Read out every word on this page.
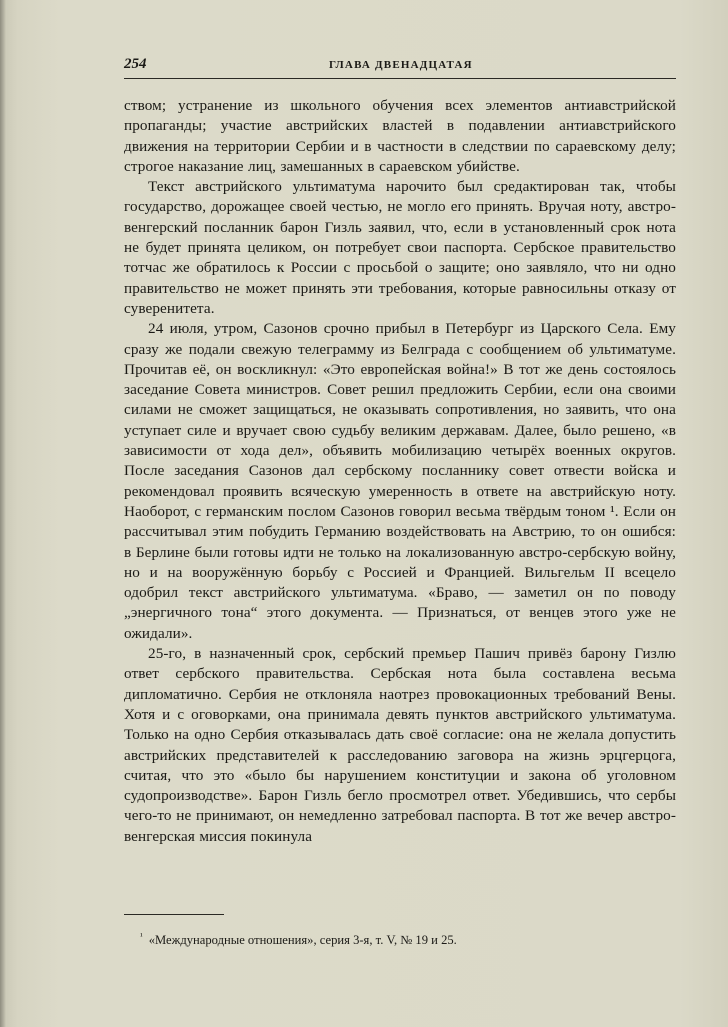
254	ГЛАВА ДВЕНАДЦАТАЯ

ством; устранение из школьного обучения всех элементов антиавстрийской пропаганды; участие австрийских властей в подавлении антиавстрийского движения на территории Сербии и в частности в следствии по сараевскому делу; строгое наказание лиц, замешанных в сараевском убийстве.

Текст австрийского ультиматума нарочито был средактирован так, чтобы государство, дорожащее своей честью, не могло его принять. Вручая ноту, австро-венгерский посланник барон Гизль заявил, что, если в установленный срок нота не будет принята целиком, он потребует свои паспорта. Сербское правительство тотчас же обратилось к России с просьбой о защите; оно заявляло, что ни одно правительство не может принять эти требования, которые равносильны отказу от суверенитета.

24 июля, утром, Сазонов срочно прибыл в Петербург из Царского Села. Ему сразу же подали свежую телеграмму из Белграда с сообщением об ультиматуме. Прочитав её, он воскликнул: «Это европейская война!» В тот же день состоялось заседание Совета министров. Совет решил предложить Сербии, если она своими силами не сможет защищаться, не оказывать сопротивления, но заявить, что она уступает силе и вручает свою судьбу великим державам. Далее, было решено, «в зависимости от хода дел», объявить мобилизацию четырёх военных округов. После заседания Сазонов дал сербскому посланнику совет отвести войска и рекомендовал проявить всяческую умеренность в ответе на австрийскую ноту. Наоборот, с германским послом Сазонов говорил весьма твёрдым тоном ¹. Если он рассчитывал этим побудить Германию воздействовать на Австрию, то он ошибся: в Берлине были готовы идти не только на локализованную австро-сербскую войну, но и на вооружённую борьбу с Россией и Францией. Вильгельм II всецело одобрил текст австрийского ультиматума. «Браво, — заметил он по поводу „энергичного тона“ этого документа. — Признаться, от венцев этого уже не ожидали».

25-го, в назначенный срок, сербский премьер Пашич привёз барону Гизлю ответ сербского правительства. Сербская нота была составлена весьма дипломатично. Сербия не отклоняла наотрез провокационных требований Вены. Хотя и с оговорками, она принимала девять пунктов австрийского ультиматума. Только на одно Сербия отказывалась дать своё согласие: она не желала допустить австрийских представителей к расследованию заговора на жизнь эрцгерцога, считая, что это «было бы нарушением конституции и закона об уголовном судопроизводстве». Барон Гизль бегло просмотрел ответ. Убедившись, что сербы чего-то не принимают, он немедленно затребовал паспорта. В тот же вечер австро-венгерская миссия покинула

$^{^1}$ «Международные отношения», серия 3-я, т. V, № 19 и 25.
